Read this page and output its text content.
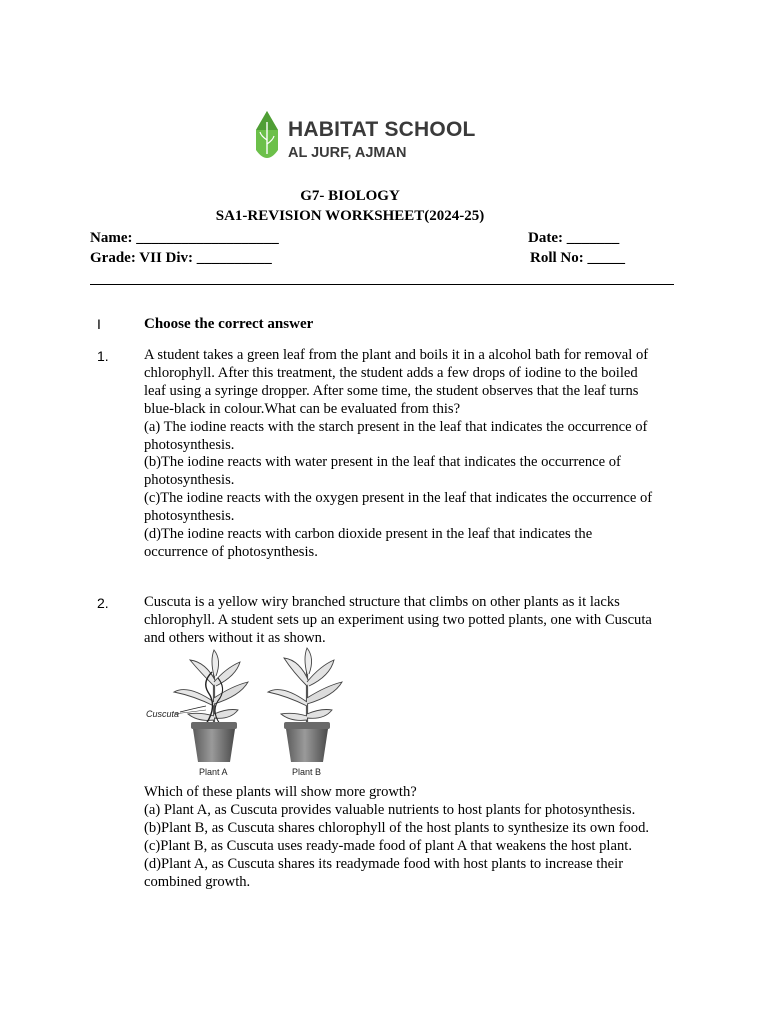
HABITAT SCHOOL
AL JURF, AJMAN
G7- BIOLOGY
SA1-REVISION WORKSHEET(2024-25)
Name: ___________________	Date: _______
Grade: VII Div: __________	Roll No: _____
I	Choose the correct answer
1. A student takes a green leaf from the plant and boils it in a alcohol bath for removal of

chlorophyll. After this treatment, the student adds a few drops of iodine to the boiled

leaf using a syringe dropper. After some time, the student observes that the leaf turns

blue-black in colour.What can be evaluated from this?

(a) The iodine reacts with the starch present in the leaf that indicates the occurrence of

photosynthesis.

(b)The iodine reacts with water present in the leaf that indicates the occurrence of

photosynthesis.

(c)The iodine reacts with the oxygen present in the leaf that indicates the occurrence of

photosynthesis.

(d)The iodine reacts with carbon dioxide present in the leaf that indicates the

occurrence of photosynthesis.

2. Cuscuta is a yellow wiry branched structure that climbs on other plants as it lacks

chlorophyll. A student sets up an experiment using two potted plants, one with Cuscuta

and others without it as shown.

Cuscuta
Plant A	Plant B

Which of these plants will show more growth?

(a) Plant A, as Cuscuta provides valuable nutrients to host plants for photosynthesis.

(b)Plant B, as Cuscuta shares chlorophyll of the host plants to synthesize its own food.

(c)Plant B, as Cuscuta uses ready-made food of plant A that weakens the host plant.

(d)Plant A, as Cuscuta shares its readymade food with host plants to increase their

combined growth.
